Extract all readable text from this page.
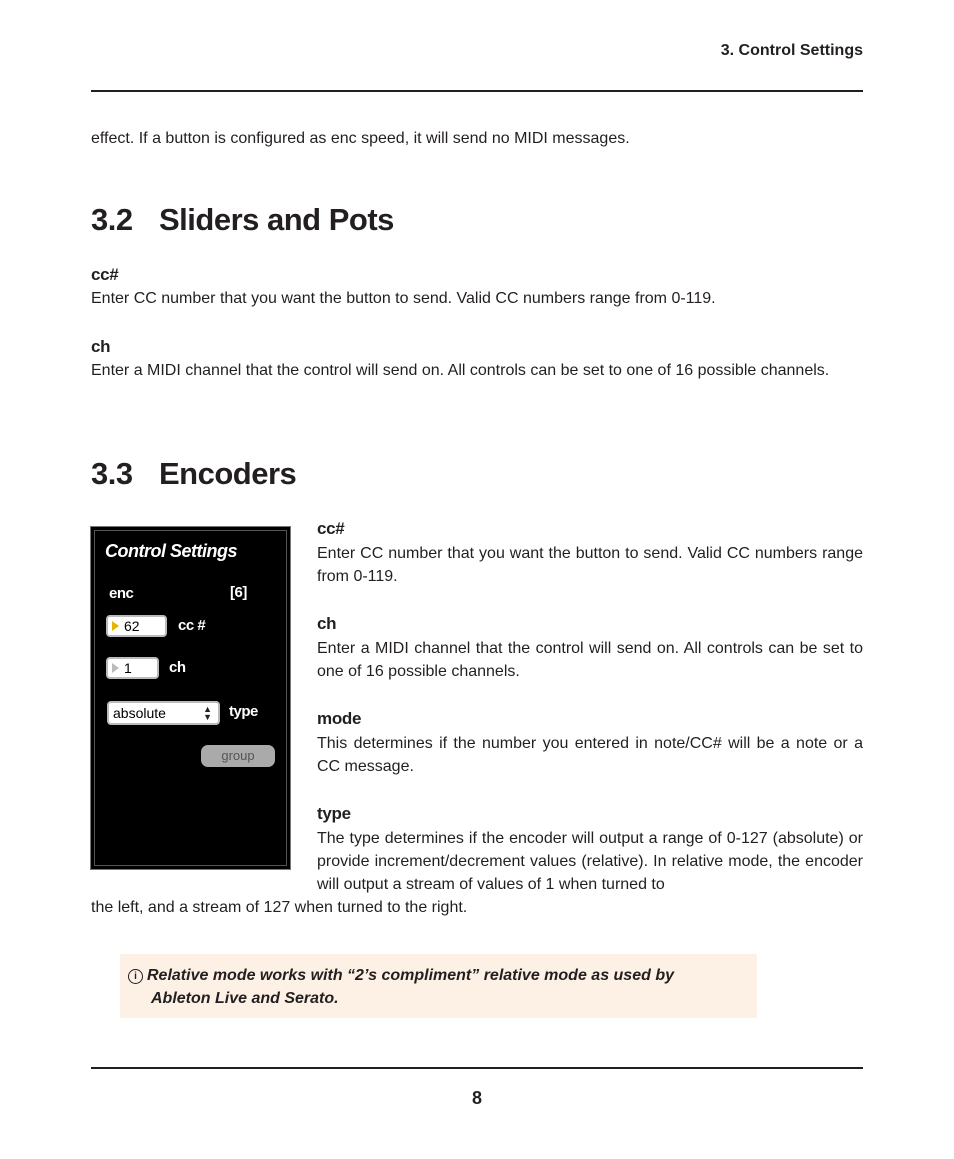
3. Control Settings
effect. If a button is configured as enc speed, it will send no MIDI messages.
3.2 Sliders and Pots
cc#
Enter CC number that you want the button to send. Valid CC numbers range from 0-119.
ch
Enter a MIDI channel that the control will send on. All controls can be set to one of 16 possible channels.
3.3 Encoders
Control Settings
enc	[6]
62	cc #
1	ch
absolute	▲
▼ type
group
cc#
Enter CC number that you want the button to send. Valid CC numbers range from 0-119.
ch
Enter a MIDI channel that the control will send on. All controls can be set to one of 16 possible channels.
mode
This determines if the number you entered in note/CC# will be a note or a CC message.
type
The type determines if the encoder will output a range of 0-127 (absolute) or provide increment/decrement values (relative). In relative mode, the encoder will output a stream of values of 1 when turned to
the left, and a stream of 127 when turned to the right.
i Relative mode works with “2’s compliment” relative mode as used by
Ableton Live and Serato.
8
